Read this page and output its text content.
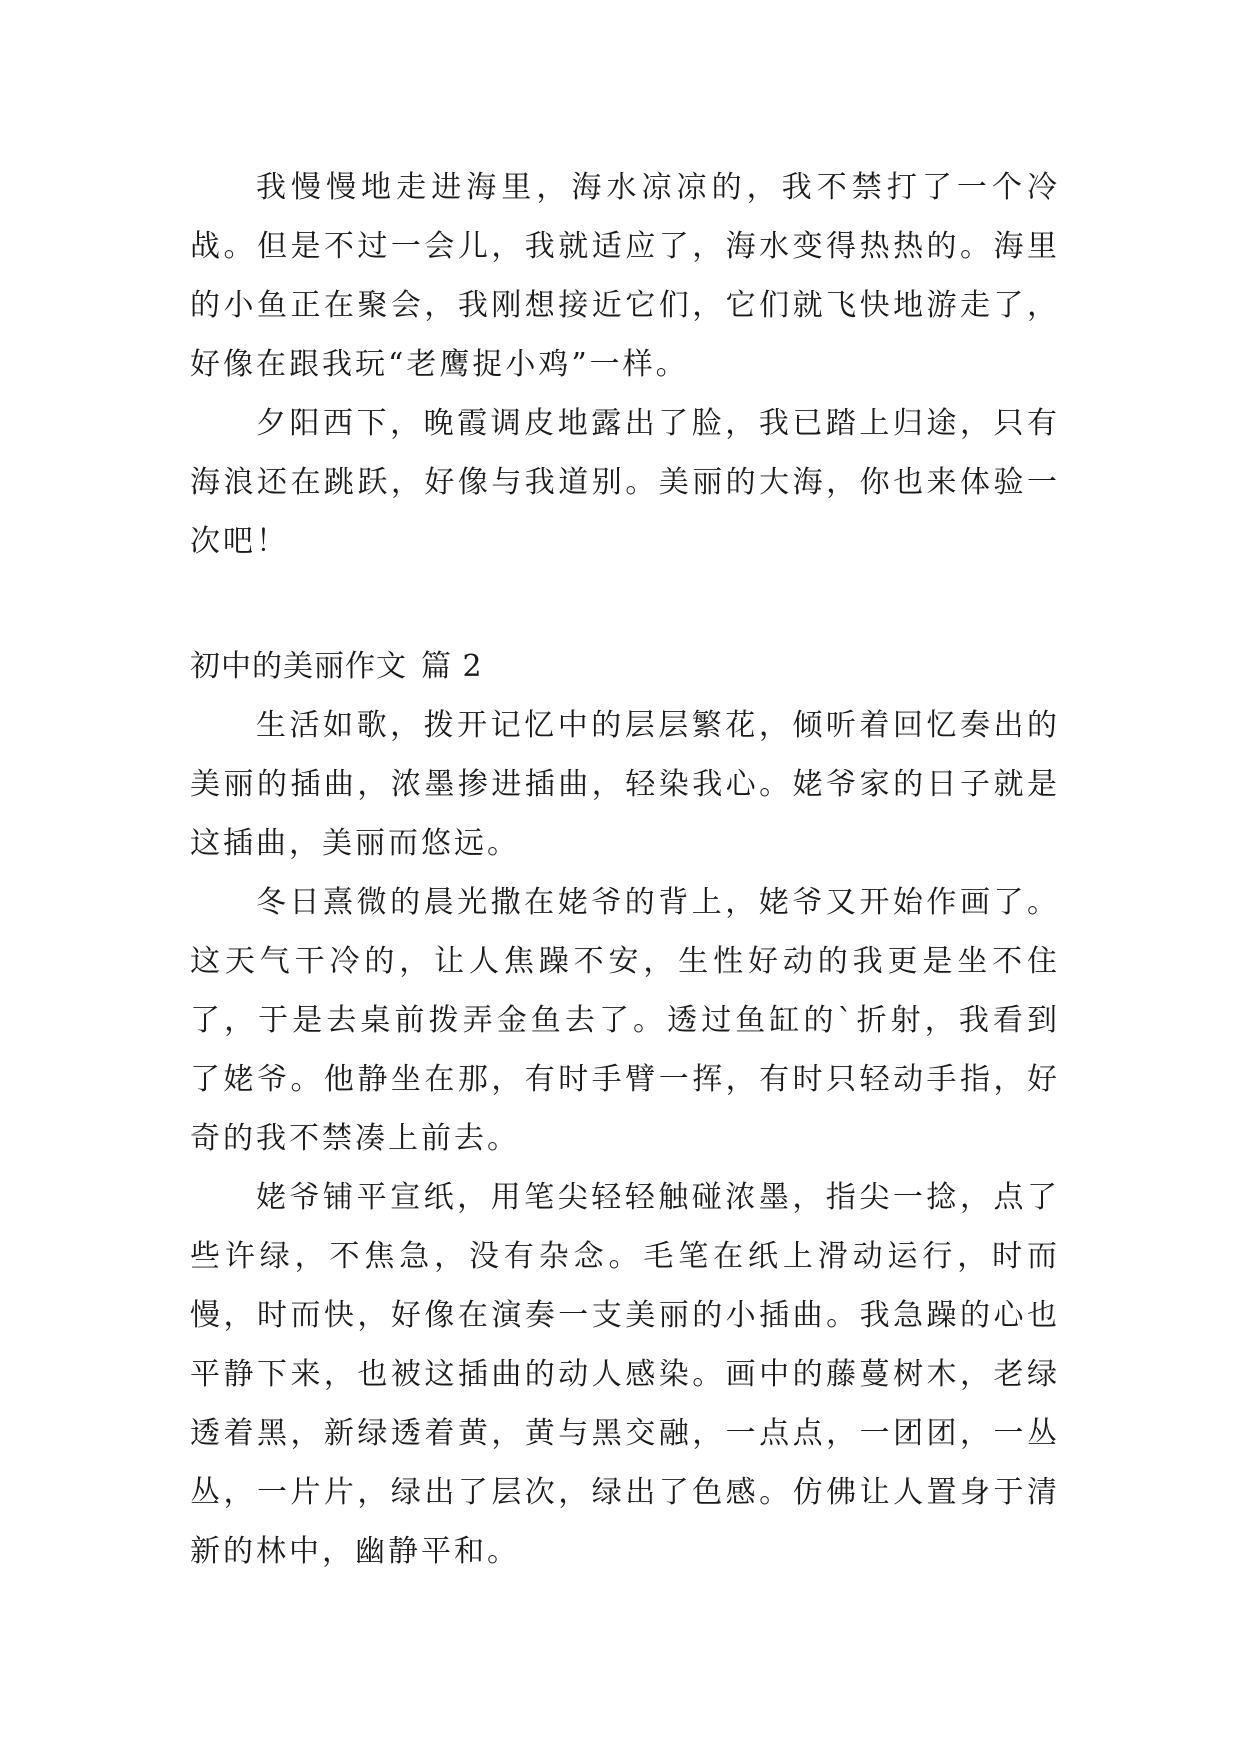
我慢慢地走进海里，海水凉凉的，我不禁打了一个冷战。但是不过一会儿，我就适应了，海水变得热热的。海里的小鱼正在聚会，我刚想接近它们，它们就飞快地游走了，好像在跟我玩“老鹰捉小鸡”一样。

夕阳西下，晚霞调皮地露出了脸，我已踏上归途，只有海浪还在跳跃，好像与我道别。美丽的大海，你也来体验一次吧！

初中的美丽作文 篇 2

生活如歌，拨开记忆中的层层繁花，倾听着回忆奏出的美丽的插曲，浓墨掺进插曲，轻染我心。姥爷家的日子就是这插曲，美丽而悠远。

冬日熹微的晨光撒在姥爷的背上，姥爷又开始作画了。这天气干冷的，让人焦躁不安，生性好动的我更是坐不住了，于是去桌前拨弄金鱼去了。透过鱼缸的`折射，我看到了姥爷。他静坐在那，有时手臂一挥，有时只轻动手指，好奇的我不禁凑上前去。

姥爷铺平宣纸，用笔尖轻轻触碰浓墨，指尖一捻，点了些许绿，不焦急，没有杂念。毛笔在纸上滑动运行，时而慢，时而快，好像在演奏一支美丽的小插曲。我急躁的心也平静下来，也被这插曲的动人感染。画中的藤蔓树木，老绿透着黑，新绿透着黄，黄与黑交融，一点点，一团团，一丛丛，一片片，绿出了层次，绿出了色感。仿佛让人置身于清新的林中，幽静平和。
